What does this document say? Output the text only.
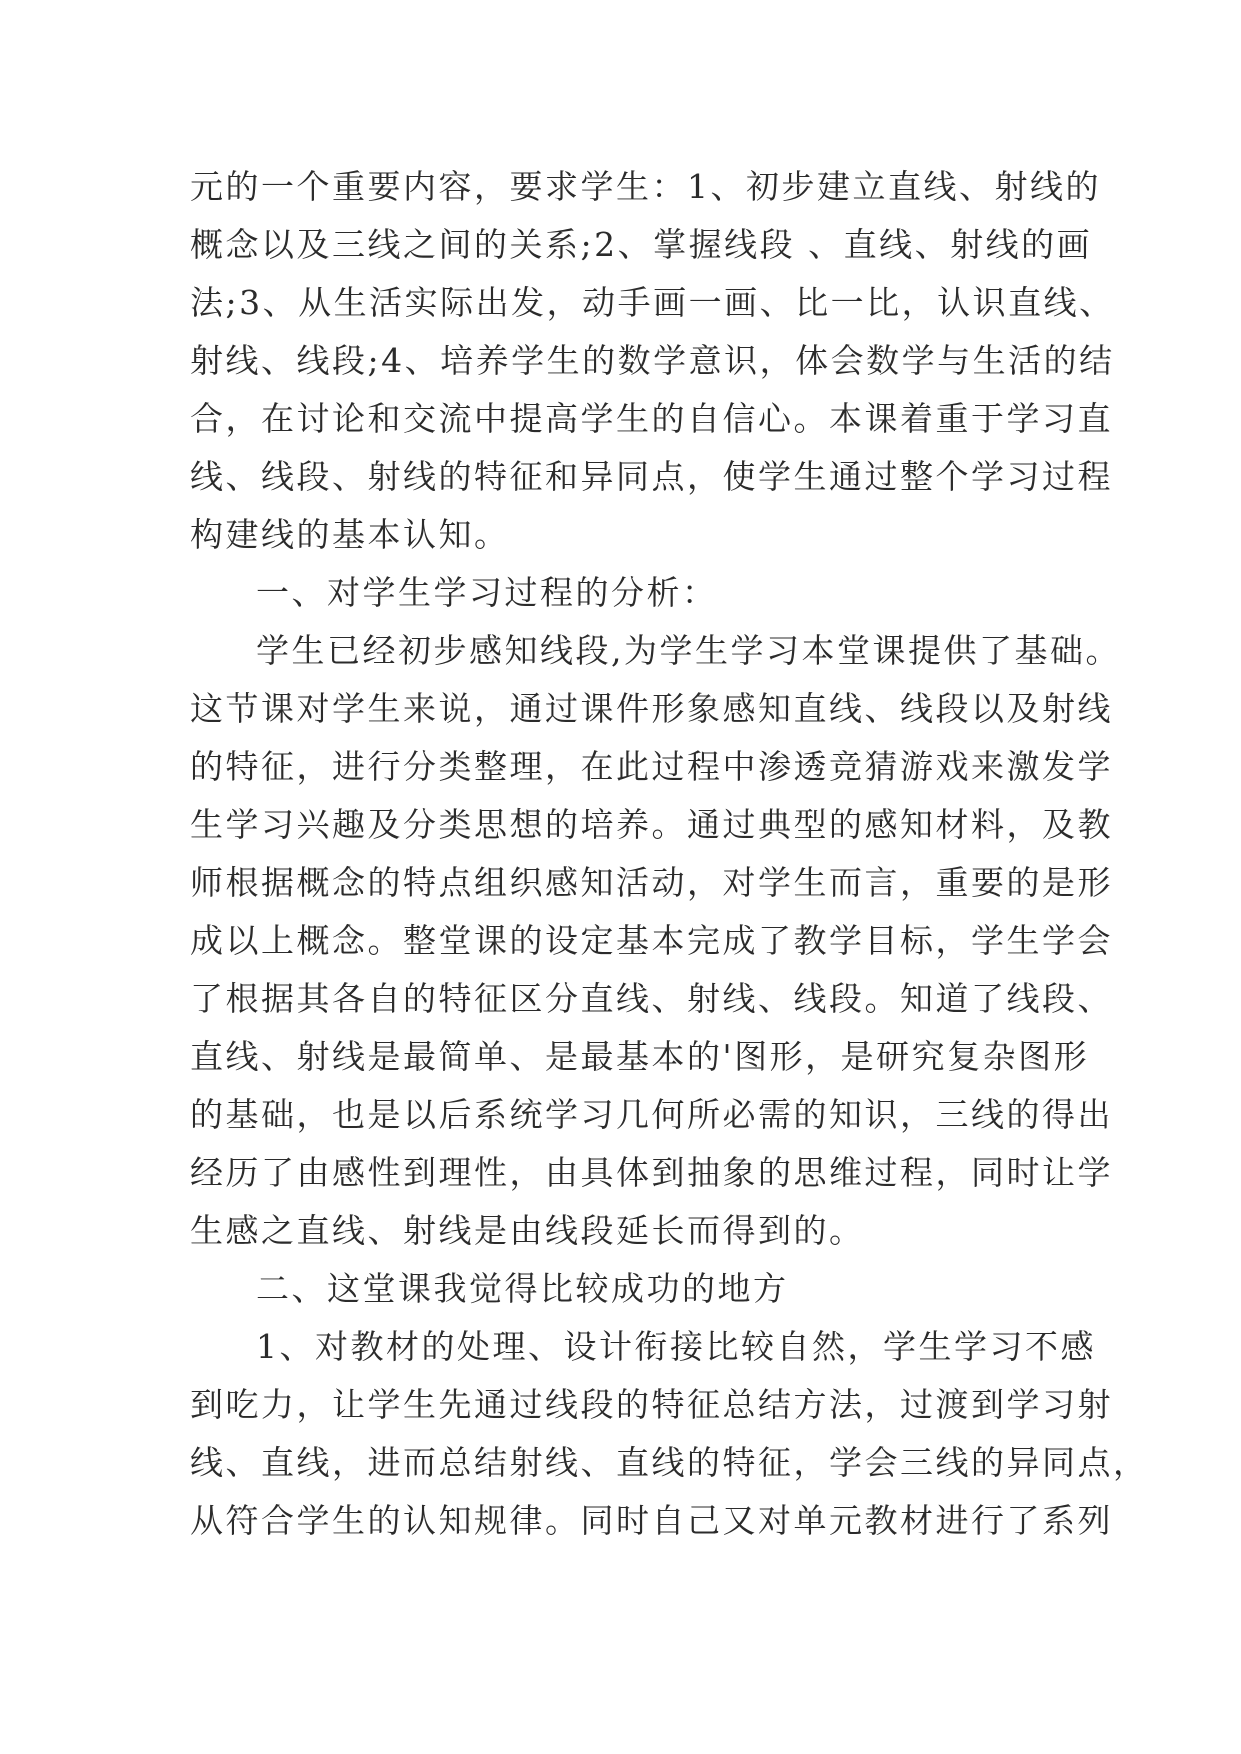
元的一个重要内容，要求学生：1、初步建立直线、射线的
概念以及三线之间的关系;2、掌握线段 、直线、射线的画
法;3、从生活实际出发，动手画一画、比一比，认识直线、
射线、线段;4、培养学生的数学意识，体会数学与生活的结
合，在讨论和交流中提高学生的自信心。本课着重于学习直
线、线段、射线的特征和异同点，使学生通过整个学习过程
构建线的基本认知。
一、对学生学习过程的分析：
学生已经初步感知线段,为学生学习本堂课提供了基础。
这节课对学生来说，通过课件形象感知直线、线段以及射线
的特征，进行分类整理，在此过程中渗透竞猜游戏来激发学
生学习兴趣及分类思想的培养。通过典型的感知材料，及教
师根据概念的特点组织感知活动，对学生而言，重要的是形
成以上概念。整堂课的设定基本完成了教学目标，学生学会
了根据其各自的特征区分直线、射线、线段。知道了线段、
直线、射线是最简单、是最基本的'图形，是研究复杂图形
的基础，也是以后系统学习几何所必需的知识，三线的得出
经历了由感性到理性，由具体到抽象的思维过程，同时让学
生感之直线、射线是由线段延长而得到的。
二、这堂课我觉得比较成功的地方
1、对教材的处理、设计衔接比较自然，学生学习不感
到吃力，让学生先通过线段的特征总结方法，过渡到学习射
线、直线，进而总结射线、直线的特征，学会三线的异同点，
从符合学生的认知规律。同时自己又对单元教材进行了系列
